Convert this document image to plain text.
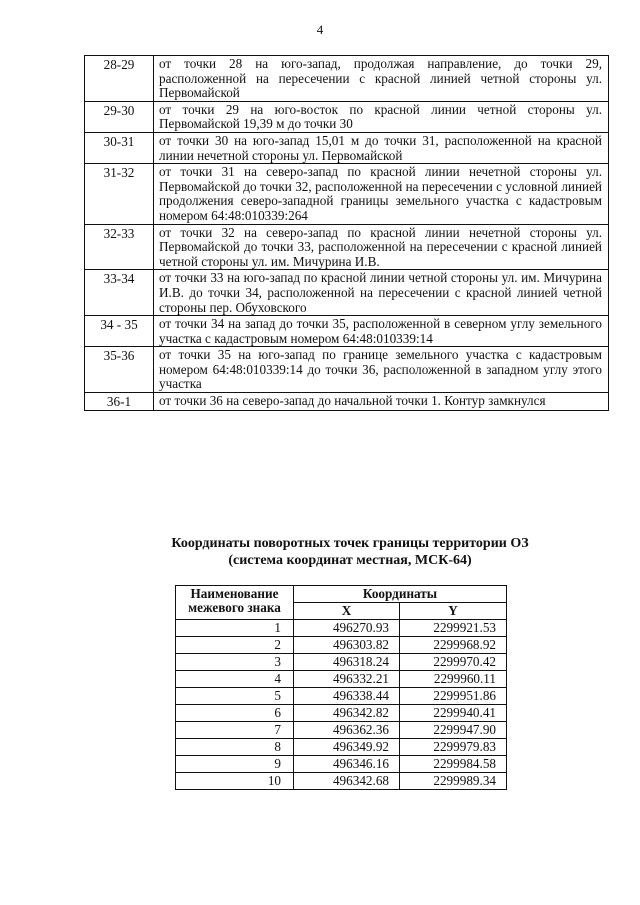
4
28-29	от точки 28 на юго-запад, продолжая направление, до точки 29, расположенной на пересечении с красной линией четной стороны ул. Первомайской
29-30	от точки 29 на юго-восток по красной линии четной стороны ул. Первомайской 19,39 м до точки 30
30-31	от точки 30 на юго-запад 15,01 м до точки 31, расположенной на красной линии нечетной стороны ул. Первомайской
31-32	от точки 31 на северо-запад по красной линии нечетной стороны ул. Первомайской до точки 32, расположенной на пересечении с условной линией продолжения северо-западной границы земельного участка с кадастровым номером 64:48:010339:264
32-33	от точки 32 на северо-запад по красной линии нечетной стороны ул. Первомайской до точки 33, расположенной на пересечении с красной линией четной стороны ул. им. Мичурина И.В.
33-34	от точки 33 на юго-запад по красной линии четной стороны ул. им. Мичурина И.В. до точки 34, расположенной на пересечении с красной линией четной стороны пер. Обуховского
34 - 35	от точки 34 на запад до точки 35, расположенной в северном углу земельного участка с кадастровым номером 64:48:010339:14
35-36	от точки 35 на юго-запад по границе земельного участка с кадастровым номером 64:48:010339:14 до точки 36, расположенной в западном углу этого участка
36-1	от точки 36 на северо-запад до начальной точки 1. Контур замкнулся
Координаты поворотных точек границы территории ОЗ
(система координат местная, МСК-64)
Наименование межевого знака	Координаты	
	X	Y
1	496270.93	2299921.53
2	496303.82	2299968.92
3	496318.24	2299970.42
4	496332.21	2299960.11
5	496338.44	2299951.86
6	496342.82	2299940.41
7	496362.36	2299947.90
8	496349.92	2299979.83
9	496346.16	2299984.58
10	496342.68	2299989.34
